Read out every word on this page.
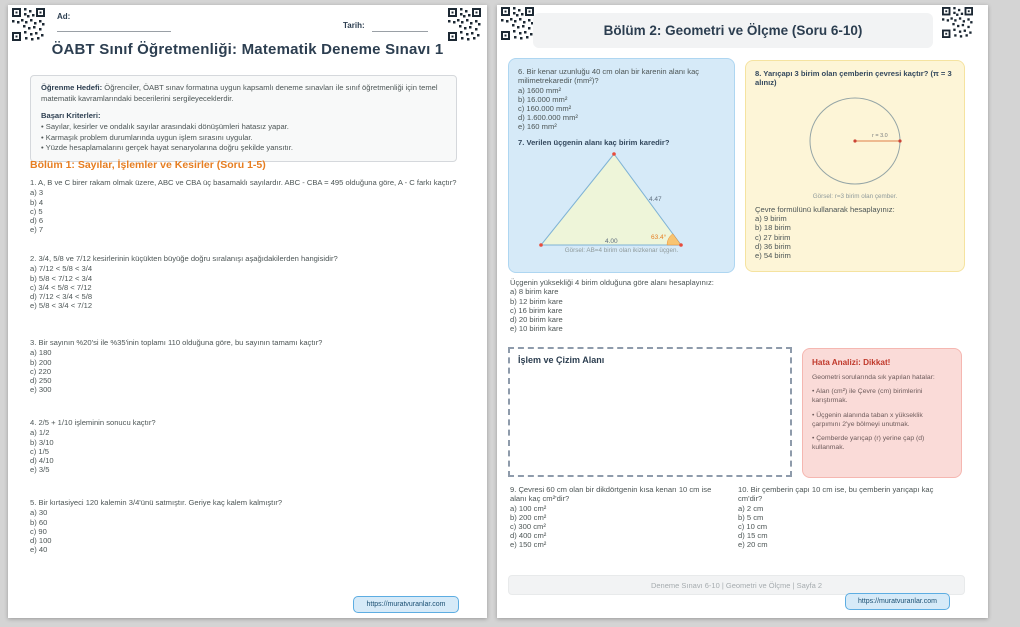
Ad:
Tarih:
ÖABT Sınıf Öğretmenliği: Matematik Deneme Sınavı 1
Öğrenme Hedefi: Öğrenciler, ÖABT sınav formatına uygun kapsamlı deneme sınavları ile sınıf öğretmenliği için temel matematik kavramlarındaki becerilerini sergileyeceklerdir.
Başarı Kriterleri:
• Sayılar, kesirler ve ondalık sayılar arasındaki dönüşümleri hatasız yapar.
• Karmaşık problem durumlarında uygun işlem sırasını uygular.
• Yüzde hesaplamalarını gerçek hayat senaryolarına doğru şekilde yansıtır.
Bölüm 1: Sayılar, İşlemler ve Kesirler (Soru 1-5)
1. A, B ve C birer rakam olmak üzere, ABC ve CBA üç basamaklı sayılardır. ABC - CBA = 495 olduğuna göre, A - C farkı kaçtır?
a) 3
b) 4
c) 5
d) 6
e) 7
2. 3/4, 5/8 ve 7/12 kesirlerinin küçükten büyüğe doğru sıralanışı aşağıdakilerden hangisidir?
a) 7/12 < 5/8 < 3/4
b) 5/8 < 7/12 < 3/4
c) 3/4 < 5/8 < 7/12
d) 7/12 < 3/4 < 5/8
e) 5/8 < 3/4 < 7/12
3. Bir sayının %20'si ile %35'inin toplamı 110 olduğuna göre, bu sayının tamamı kaçtır?
a) 180
b) 200
c) 220
d) 250
e) 300
4. 2/5 + 1/10 işleminin sonucu kaçtır?
a) 1/2
b) 3/10
c) 1/5
d) 4/10
e) 3/5
5. Bir kırtasiyeci 120 kalemin 3/4'ünü satmıştır. Geriye kaç kalem kalmıştır?
a) 30
b) 60
c) 90
d) 100
e) 40
https://muratvuranlar.com
Bölüm 2: Geometri ve Ölçme (Soru 6-10)
6. Bir kenar uzunluğu 40 cm olan bir karenin alanı kaç milimetrekaredir (mm²)?
a) 1600 mm²
b) 16.000 mm²
c) 160.000 mm²
d) 1.600.000 mm²
e) 160 mm²
7. Verilen üçgenin alanı kaç birim karedir?
4.47
63.4°
4.00
Görsel: AB=4 birim olan ikizkenar üçgen.
8. Yarıçapı 3 birim olan çemberin çevresi kaçtır? (π = 3 alınız)
r = 3.0
Görsel: r=3 birim olan çember.
Çevre formülünü kullanarak hesaplayınız:
a) 9 birim
b) 18 birim
c) 27 birim
d) 36 birim
e) 54 birim
Üçgenin yüksekliği 4 birim olduğuna göre alanı hesaplayınız:
a) 8 birim kare
b) 12 birim kare
c) 16 birim kare
d) 20 birim kare
e) 10 birim kare
İşlem ve Çizim Alanı	Hata Analizi: Dikkat!
Geometri sorularında sık yapılan hatalar:
• Alan (cm²) ile Çevre (cm) birimlerini karıştırmak.
• Üçgenin alanında taban x yükseklik çarpımını 2'ye bölmeyi unutmak.
• Çemberde yarıçap (r) yerine çap (d) kullanmak.
9. Çevresi 60 cm olan bir dikdörtgenin kısa kenarı 10 cm ise alanı kaç cm²'dir?
a) 100 cm²
b) 200 cm²
c) 300 cm²
d) 400 cm²
e) 150 cm²
10. Bir çemberin çapı 10 cm ise, bu çemberin yarıçapı kaç cm'dir?
a) 2 cm
b) 5 cm
c) 10 cm
d) 15 cm
e) 20 cm
Deneme Sınavı 6-10 | Geometri ve Ölçme | Sayfa 2
https://muratvuranlar.com
